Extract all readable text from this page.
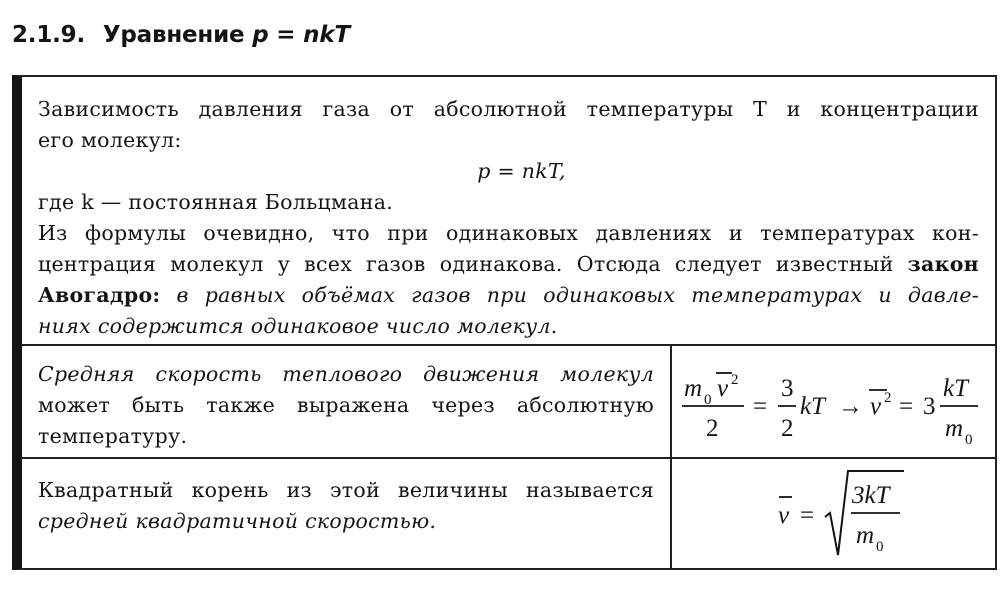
2.1.9. Уравнение p = nkT

Зависимость давления газа от абсолютной температуры T и концентрации

его молекул:

p = nkT,

где k — постоянная Больцмана.

Из формулы очевидно, что при одинаковых давлениях и температурах кон-

центрация молекул у всех газов одинакова. Отсюда следует известный закон

Авогадро: в равных объёмах газов при одинаковых температурах и давле-

ниях содержится одинаковое число молекул.

Средняя скорость теплового движения молекул

может быть также выражена через абсолютную

температуру.

m 0 v 2
2
=
3
2
kT → v 2 = 3
kT
m 0

Квадратный корень из этой величины называется

средней квадратичной скоростью.	v =
3kT
m 0
